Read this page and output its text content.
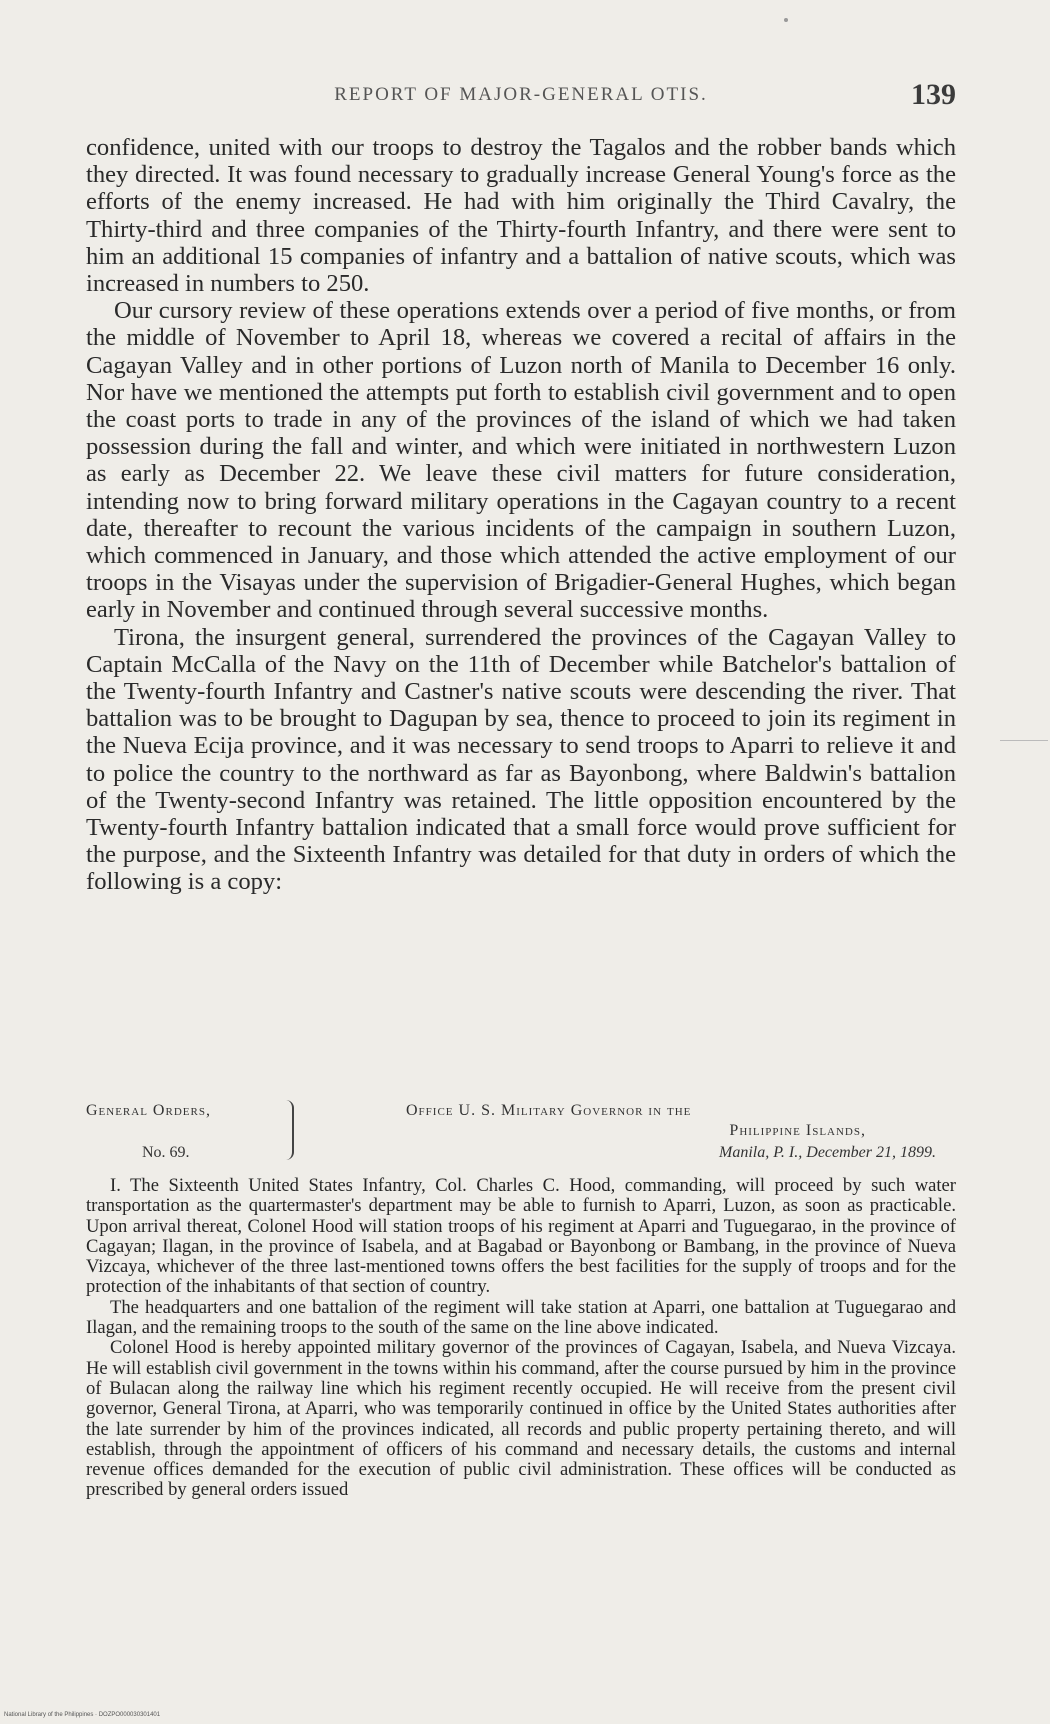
REPORT OF MAJOR-GENERAL OTIS.	139

confidence, united with our troops to destroy the Tagalos and the robber bands which they directed. It was found necessary to gradually increase General Young's force as the efforts of the enemy increased. He had with him originally the Third Cavalry, the Thirty-third and three companies of the Thirty-fourth Infantry, and there were sent to him an additional 15 companies of infantry and a battalion of native scouts, which was increased in numbers to 250.

Our cursory review of these operations extends over a period of five months, or from the middle of November to April 18, whereas we covered a recital of affairs in the Cagayan Valley and in other portions of Luzon north of Manila to December 16 only. Nor have we mentioned the attempts put forth to establish civil government and to open the coast ports to trade in any of the provinces of the island of which we had taken possession during the fall and winter, and which were initiated in northwestern Luzon as early as December 22. We leave these civil matters for future consideration, intending now to bring forward military operations in the Cagayan country to a recent date, thereafter to recount the various incidents of the campaign in southern Luzon, which commenced in January, and those which attended the active employment of our troops in the Visayas under the supervision of Brigadier-General Hughes, which began early in November and continued through several successive months.

Tirona, the insurgent general, surrendered the provinces of the Cagayan Valley to Captain McCalla of the Navy on the 11th of December while Batchelor's battalion of the Twenty-fourth Infantry and Castner's native scouts were descending the river. That battalion was to be brought to Dagupan by sea, thence to proceed to join its regiment in the Nueva Ecija province, and it was necessary to send troops to Aparri to relieve it and to police the country to the northward as far as Bayonbong, where Baldwin's battalion of the Twenty-second Infantry was retained. The little opposition encountered by the Twenty-fourth Infantry battalion indicated that a small force would prove sufficient for the purpose, and the Sixteenth Infantry was detailed for that duty in orders of which the following is a copy:

General Orders,
No. 69.
Office U. S. Military Governor in the
Philippine Islands,
Manila, P. I., December 21, 1899.

I. The Sixteenth United States Infantry, Col. Charles C. Hood, commanding, will proceed by such water transportation as the quartermaster's department may be able to furnish to Aparri, Luzon, as soon as practicable. Upon arrival thereat, Colonel Hood will station troops of his regiment at Aparri and Tuguegarao, in the province of Cagayan; Ilagan, in the province of Isabela, and at Bagabad or Bayonbong or Bambang, in the province of Nueva Vizcaya, whichever of the three last-mentioned towns offers the best facilities for the supply of troops and for the protection of the inhabitants of that section of country.

The headquarters and one battalion of the regiment will take station at Aparri, one battalion at Tuguegarao and Ilagan, and the remaining troops to the south of the same on the line above indicated.

Colonel Hood is hereby appointed military governor of the provinces of Cagayan, Isabela, and Nueva Vizcaya. He will establish civil government in the towns within his command, after the course pursued by him in the province of Bulacan along the railway line which his regiment recently occupied. He will receive from the present civil governor, General Tirona, at Aparri, who was temporarily continued in office by the United States authorities after the late surrender by him of the provinces indicated, all records and public property pertaining thereto, and will establish, through the appointment of officers of his command and necessary details, the customs and internal revenue offices demanded for the execution of public civil administration. These offices will be conducted as prescribed by general orders issued

National Library of the Philippines · DOZPO000030301401
